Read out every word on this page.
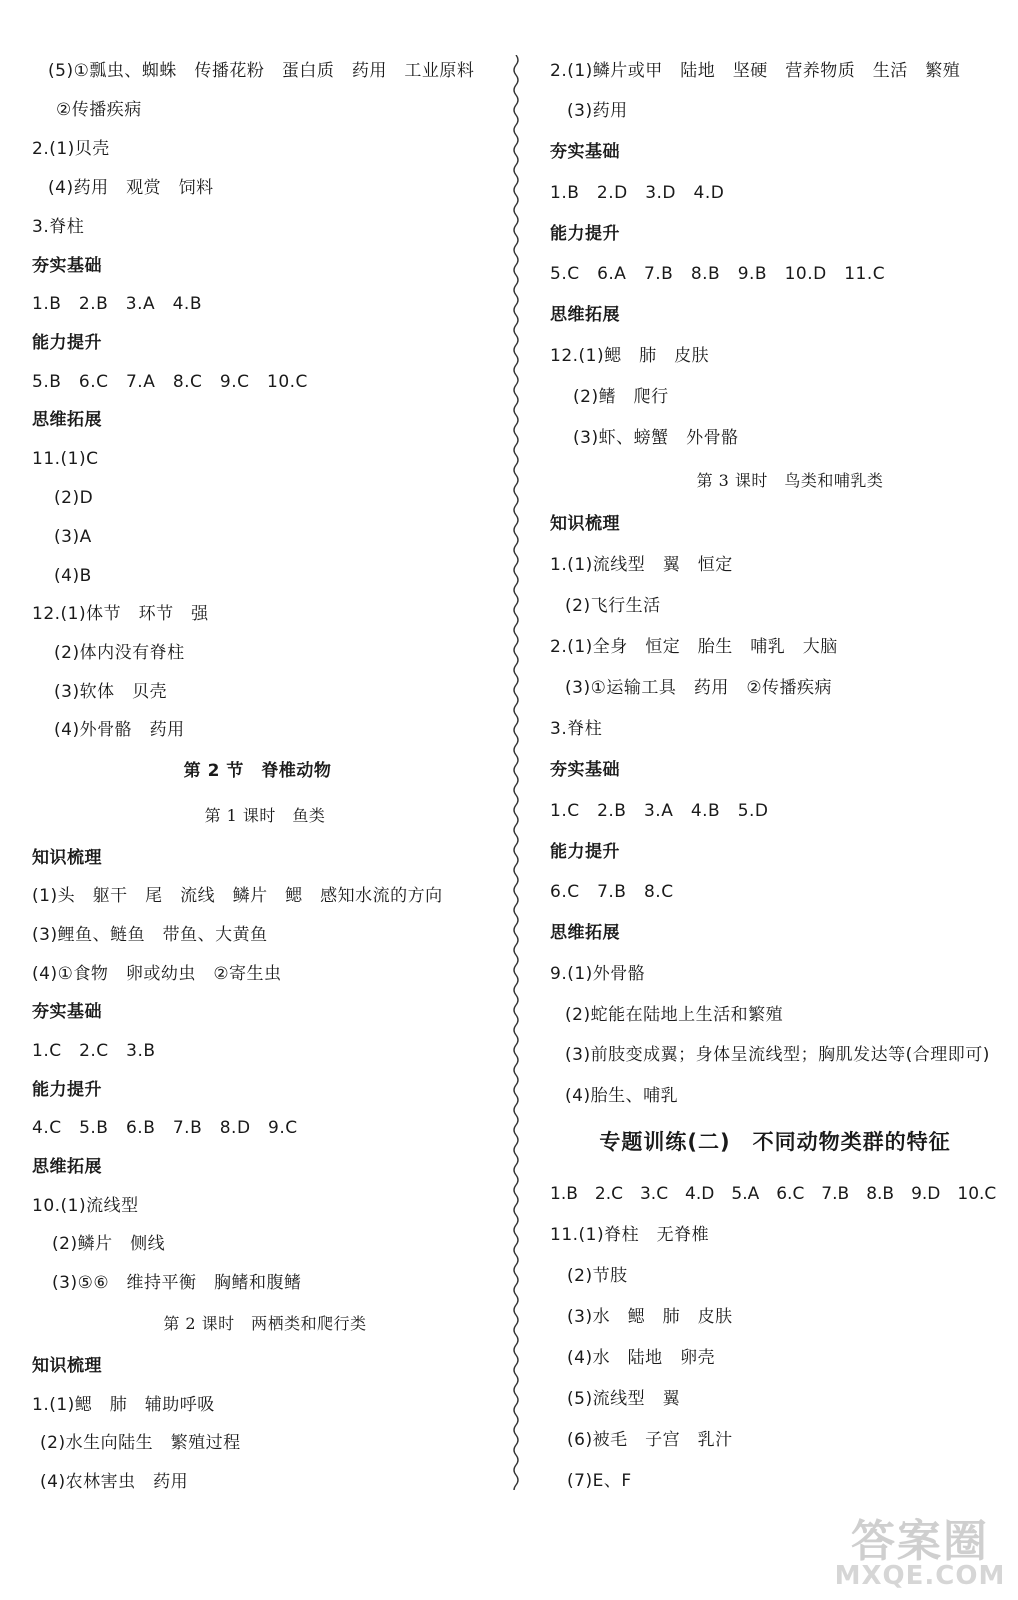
(5)①瓢虫、蜘蛛　传播花粉　蛋白质　药用　工业原料
②传播疾病
2.(1)贝壳
(4)药用　观赏　饲料
3.脊柱
夯实基础
1.B　2.B　3.A　4.B
能力提升
5.B　6.C　7.A　8.C　9.C　10.C
思维拓展
11.(1)C
(2)D
(3)A
(4)B
12.(1)体节　环节　强
(2)体内没有脊柱
(3)软体　贝壳
(4)外骨骼　药用
第 2 节　脊椎动物
第 1 课时　鱼类
知识梳理
(1)头　躯干　尾　流线　鳞片　鳃　感知水流的方向
(3)鲤鱼、鲢鱼　带鱼、大黄鱼
(4)①食物　卵或幼虫　②寄生虫
夯实基础
1.C　2.C　3.B
能力提升
4.C　5.B　6.B　7.B　8.D　9.C
思维拓展
10.(1)流线型
(2)鳞片　侧线
(3)⑤⑥　维持平衡　胸鳍和腹鳍
第 2 课时　两栖类和爬行类
知识梳理
1.(1)鳃　肺　辅助呼吸
(2)水生向陆生　繁殖过程
(4)农林害虫　药用
2.(1)鳞片或甲　陆地　坚硬　营养物质　生活　繁殖
(3)药用
夯实基础
1.B　2.D　3.D　4.D
能力提升
5.C　6.A　7.B　8.B　9.B　10.D　11.C
思维拓展
12.(1)鳃　肺　皮肤
(2)鳍　爬行
(3)虾、螃蟹　外骨骼
第 3 课时　鸟类和哺乳类
知识梳理
1.(1)流线型　翼　恒定
(2)飞行生活
2.(1)全身　恒定　胎生　哺乳　大脑
(3)①运输工具　药用　②传播疾病
3.脊柱
夯实基础
1.C　2.B　3.A　4.B　5.D
能力提升
6.C　7.B　8.C
思维拓展
9.(1)外骨骼
(2)蛇能在陆地上生活和繁殖
(3)前肢变成翼；身体呈流线型；胸肌发达等(合理即可)
(4)胎生、哺乳
专题训练(二)　不同动物类群的特征
1.B　2.C　3.C　4.D　5.A　6.C　7.B　8.B　9.D　10.C
11.(1)脊柱　无脊椎
(2)节肢
(3)水　鳃　肺　皮肤
(4)水　陆地　卵壳
(5)流线型　翼
(6)被毛　子宫　乳汁
(7)E、F
答案圈
MXQE.COM
